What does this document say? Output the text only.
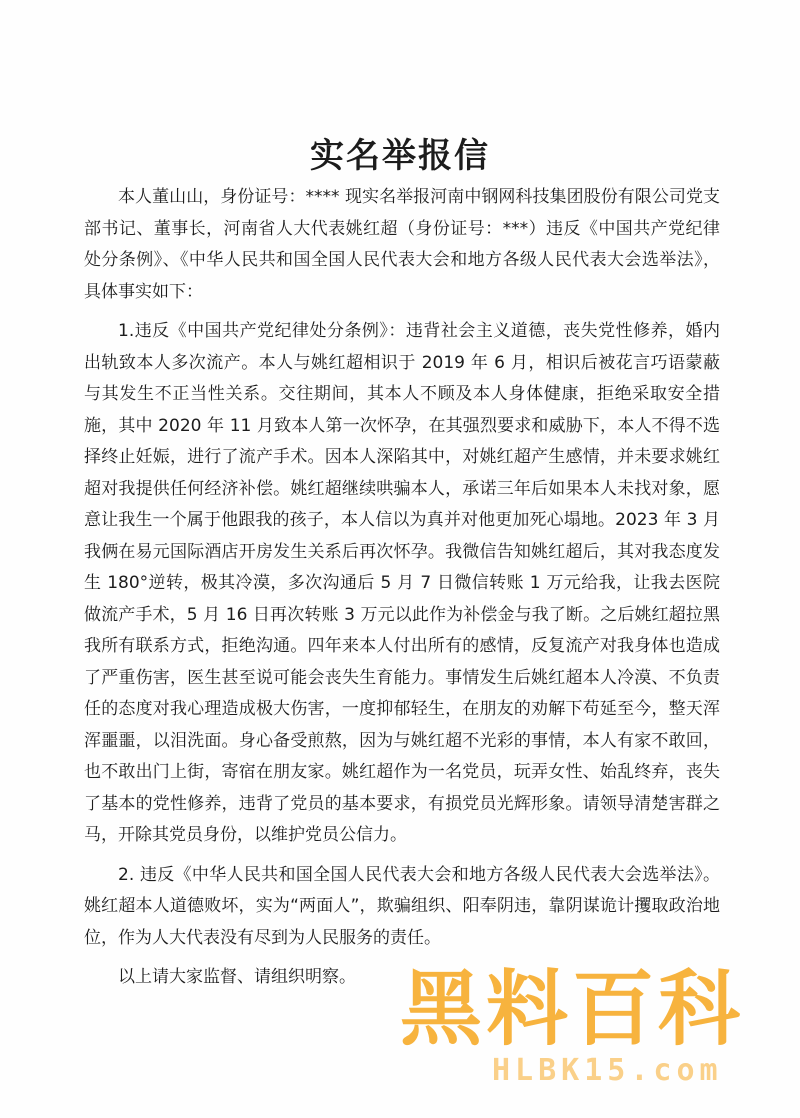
实名举报信

本人董山山，身份证号：**** 现实名举报河南中钢网科技集团股份有限公司党支部书记、董事长，河南省人大代表姚红超（身份证号：***）违反《中国共产党纪律处分条例》、《中华人民共和国全国人民代表大会和地方各级人民代表大会选举法》，具体事实如下：

1.违反《中国共产党纪律处分条例》：违背社会主义道德，丧失党性修养，婚内出轨致本人多次流产。本人与姚红超相识于 2019 年 6 月，相识后被花言巧语蒙蔽与其发生不正当性关系。交往期间，其本人不顾及本人身体健康，拒绝采取安全措施，其中 2020 年 11 月致本人第一次怀孕，在其强烈要求和威胁下，本人不得不选择终止妊娠，进行了流产手术。因本人深陷其中，对姚红超产生感情，并未要求姚红超对我提供任何经济补偿。姚红超继续哄骗本人，承诺三年后如果本人未找对象，愿意让我生一个属于他跟我的孩子，本人信以为真并对他更加死心塌地。2023 年 3 月我俩在易元国际酒店开房发生关系后再次怀孕。我微信告知姚红超后，其对我态度发生 180°逆转，极其冷漠，多次沟通后 5 月 7 日微信转账 1 万元给我，让我去医院做流产手术，5 月 16 日再次转账 3 万元以此作为补偿金与我了断。之后姚红超拉黑我所有联系方式，拒绝沟通。四年来本人付出所有的感情，反复流产对我身体也造成了严重伤害，医生甚至说可能会丧失生育能力。事情发生后姚红超本人冷漠、不负责任的态度对我心理造成极大伤害，一度抑郁轻生，在朋友的劝解下苟延至今，整天浑浑噩噩，以泪洗面。身心备受煎熬，因为与姚红超不光彩的事情，本人有家不敢回，也不敢出门上街，寄宿在朋友家。姚红超作为一名党员，玩弄女性、始乱终弃，丧失了基本的党性修养，违背了党员的基本要求，有损党员光辉形象。请领导清楚害群之马，开除其党员身份，以维护党员公信力。

2. 违反《中华人民共和国全国人民代表大会和地方各级人民代表大会选举法》。姚红超本人道德败坏，实为“两面人”，欺骗组织、阳奉阴违，靠阴谋诡计攫取政治地位，作为人大代表没有尽到为人民服务的责任。

以上请大家监督、请组织明察。 黑料百科
HLBK15.com
